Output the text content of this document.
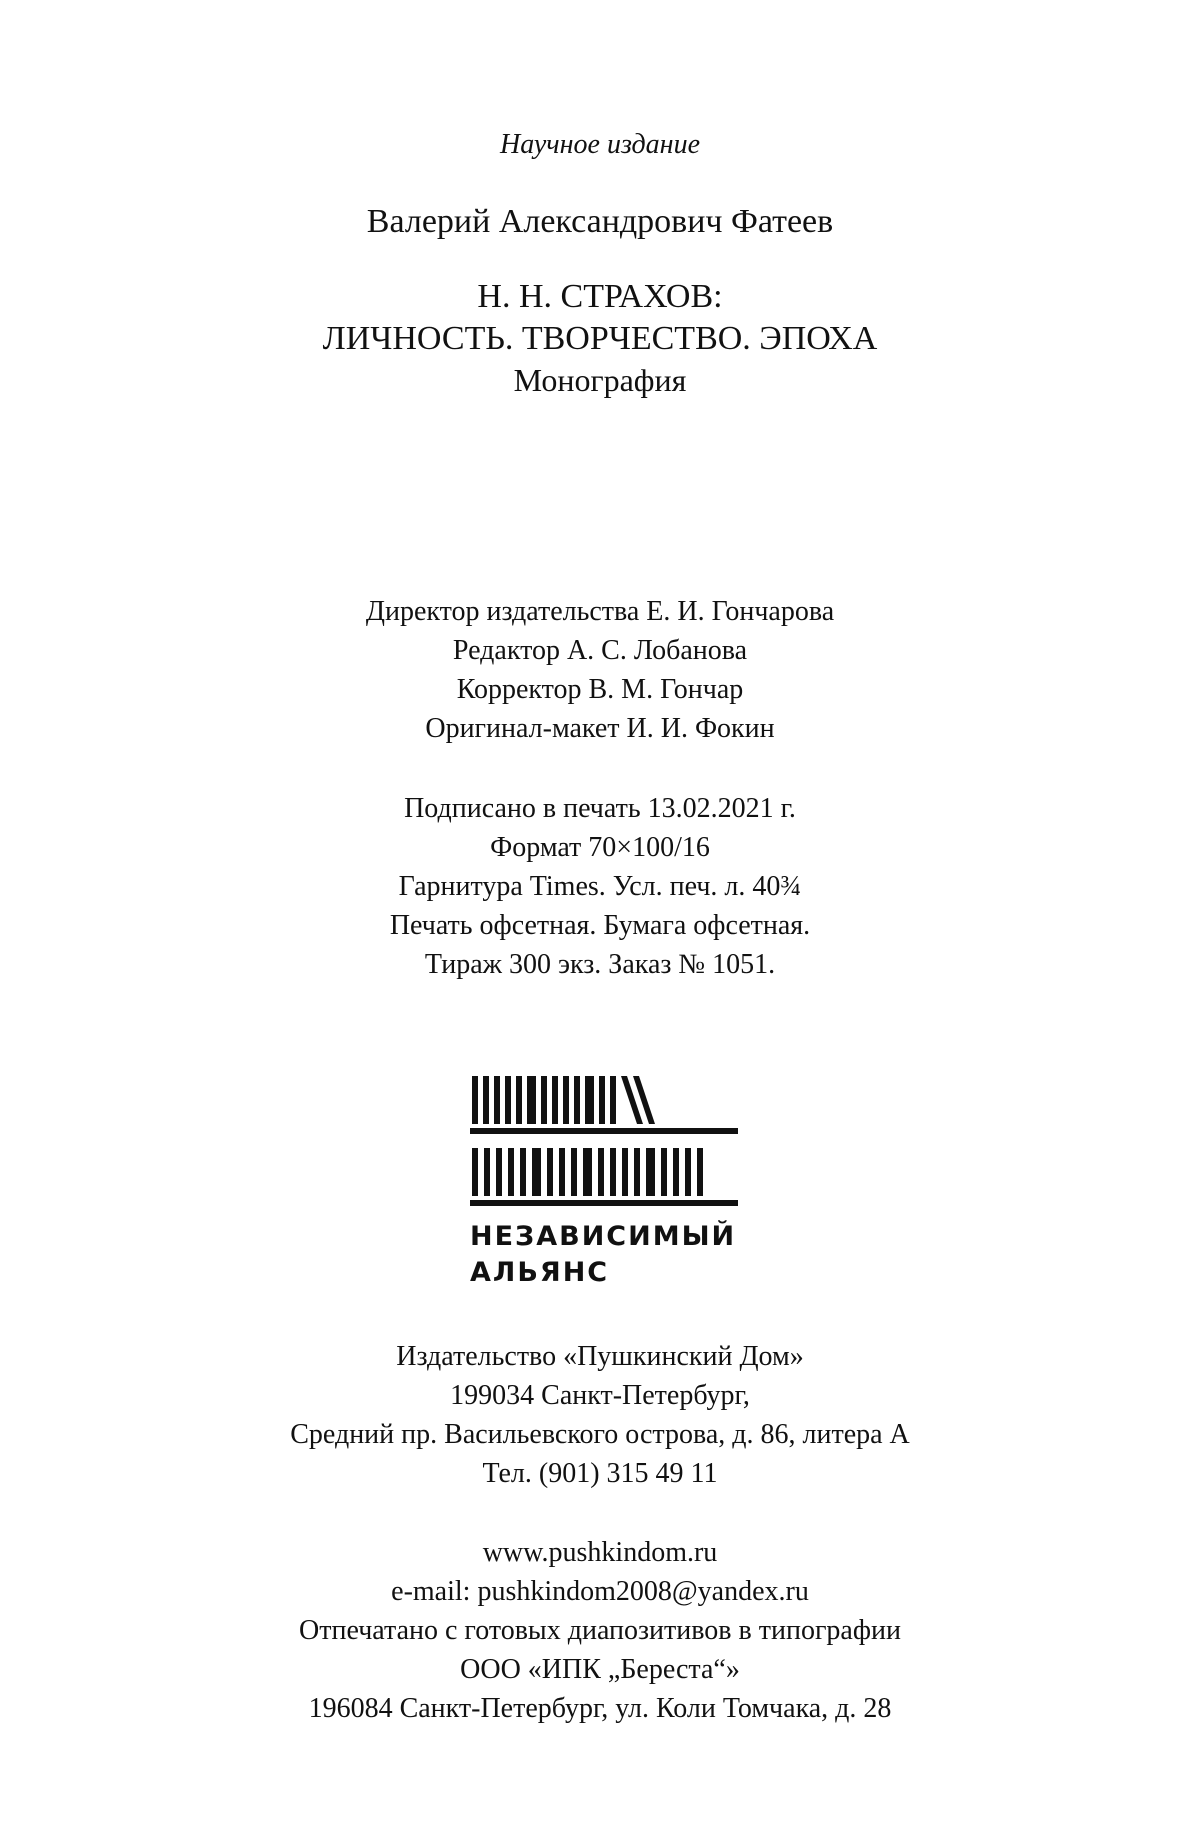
Научное издание
Валерий Александрович Фатеев
Н. Н. СТРАХОВ:
ЛИЧНОСТЬ. ТВОРЧЕСТВО. ЭПОХА
Монография
Директор издательства Е. И. Гончарова
Редактор А. С. Лобанова
Корректор В. М. Гончар
Оригинал-макет И. И. Фокин
Подписано в печать 13.02.2021 г.
Формат 70×100/16
Гарнитура Times. Усл. печ. л. 40¾
Печать офсетная. Бумага офсетная.
Тираж 300 экз. Заказ № 1051.
НЕЗАВИСИМЫЙ
АЛЬЯНС
Издательство «Пушкинский Дом»
199034 Санкт-Петербург,
Средний пр. Васильевского острова, д. 86, литера А
Тел. (901) 315 49 11
www.pushkindom.ru
e-mail: pushkindom2008@yandex.ru
Отпечатано с готовых диапозитивов в типографии
ООО «ИПК „Береста“»
196084 Санкт-Петербург, ул. Коли Томчака, д. 28
